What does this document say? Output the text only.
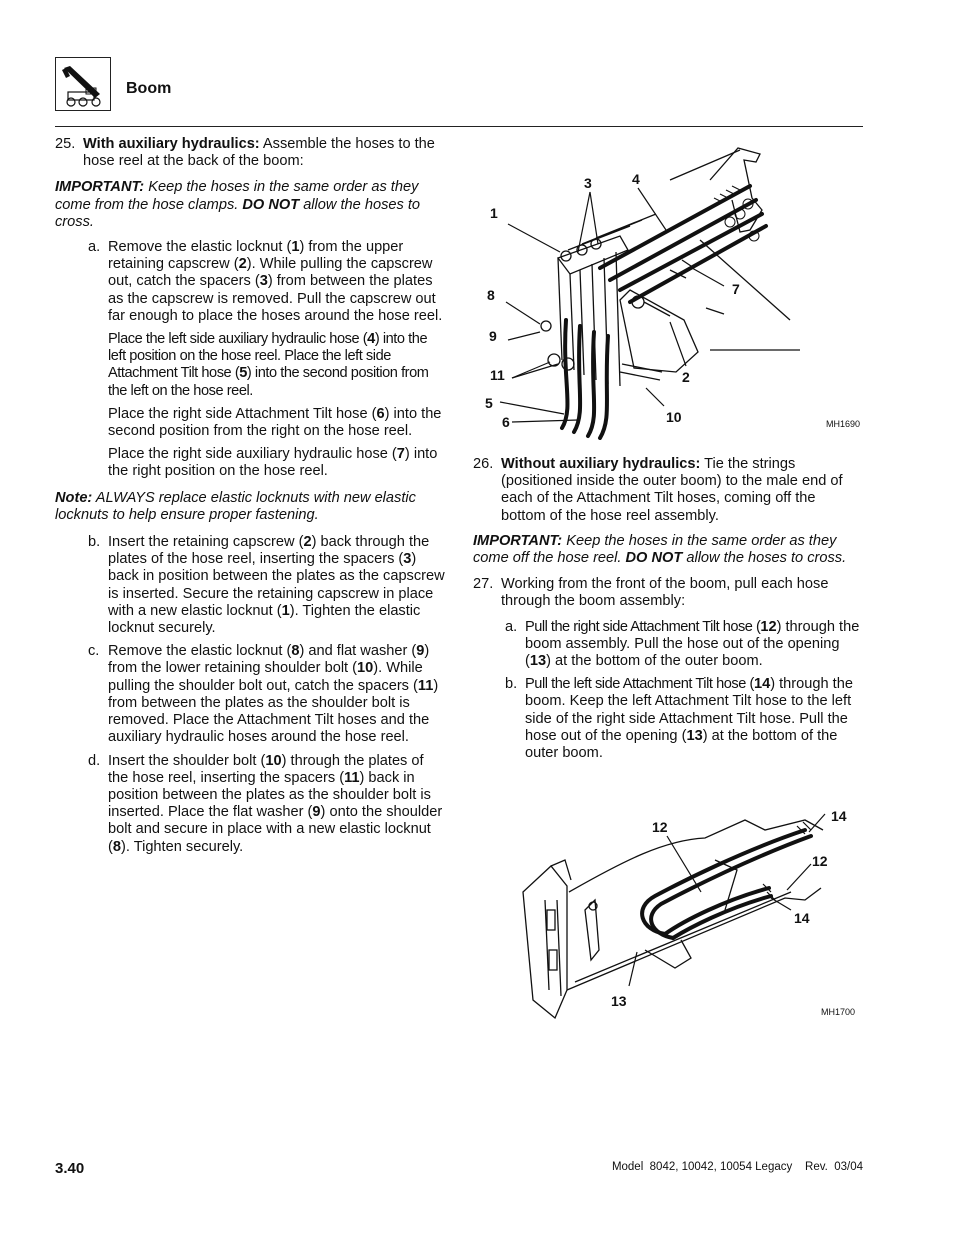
Boom
25. With auxiliary hydraulics: Assemble the hoses to the hose reel at the back of the boom:

IMPORTANT: Keep the hoses in the same order as they come from the hose clamps. DO NOT allow the hoses to cross.

a. Remove the elastic locknut (1) from the upper retaining capscrew (2). While pulling the capscrew out, catch the spacers (3) from between the plates as the capscrew is removed. Pull the capscrew out far enough to place the hoses around the hose reel.

Place the left side auxiliary hydraulic hose (4) into the left position on the hose reel. Place the left side Attachment Tilt hose (5) into the second position from the left on the hose reel.

Place the right side Attachment Tilt hose (6) into the second position from the right on the hose reel.

Place the right side auxiliary hydraulic hose (7) into the right position on the hose reel.

Note: ALWAYS replace elastic locknuts with new elastic locknuts to help ensure proper fastening.

b. Insert the retaining capscrew (2) back through the plates of the hose reel, inserting the spacers (3) back in position between the plates as the capscrew is inserted. Secure the retaining capscrew in place with a new elastic locknut (1). Tighten the elastic locknut securely.

c. Remove the elastic locknut (8) and flat washer (9) from the lower retaining shoulder bolt (10). While pulling the shoulder bolt out, catch the spacers (11) from between the plates as the shoulder bolt is removed. Place the Attachment Tilt hoses and the auxiliary hydraulic hoses around the hose reel.

d. Insert the shoulder bolt (10) through the plates of the hose reel, inserting the spacers (11) back in position between the plates as the shoulder bolt is inserted. Place the flat washer (9) onto the shoulder bolt and secure in place with a new elastic locknut (8). Tighten securely.

1
2
3	4
5
6
7
8
9
10
11
MH1690
26. Without auxiliary hydraulics: Tie the strings (positioned inside the outer boom) to the male end of each of the Attachment Tilt hoses, coming off the bottom of the hose reel assembly.

IMPORTANT: Keep the hoses in the same order as they come off the hose reel. DO NOT allow the hoses to cross.

27. Working from the front of the boom, pull each hose through the boom assembly:
a. Pull the right side Attachment Tilt hose (12) through the boom assembly. Pull the hose out of the opening (13) at the bottom of the outer boom.

b. Pull the left side Attachment Tilt hose (14) through the boom. Keep the left Attachment Tilt hose to the left side of the right side Attachment Tilt hose. Pull the hose out of the opening (13) at the bottom of the outer boom.

12
12
13
14
14
MH1700
3.40	Model  8042, 10042, 10054 Legacy    Rev.  03/04
